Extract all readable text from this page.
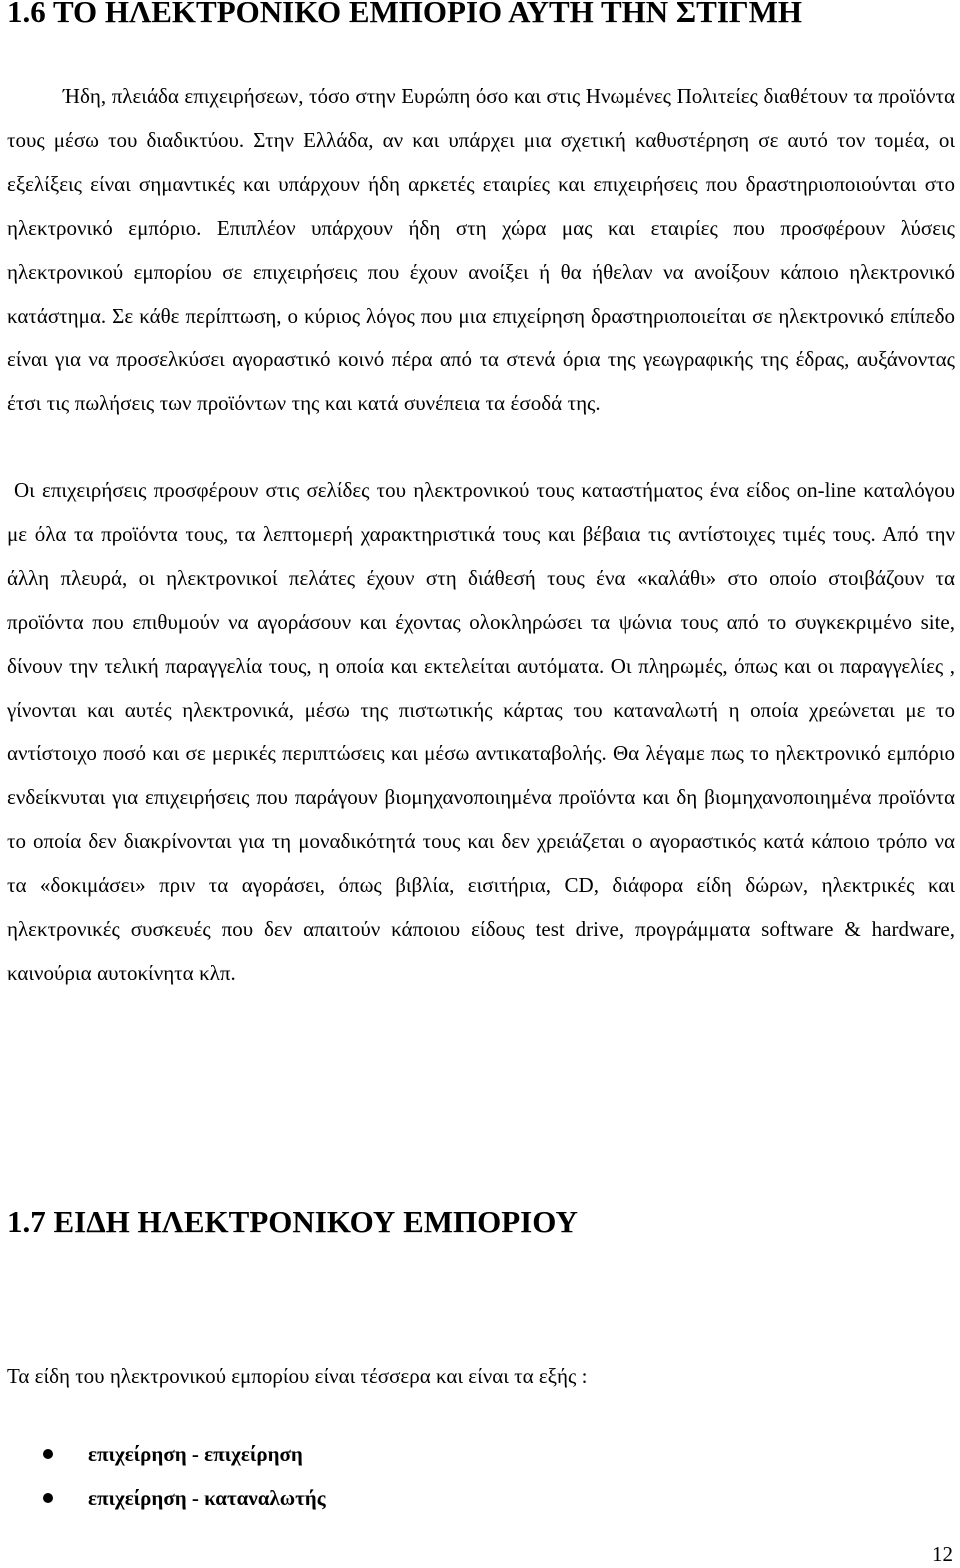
1.6 ΤΟ ΗΛΕΚΤΡΟΝΙΚΟ ΕΜΠΟΡΙΟ ΑΥΤΗ ΤΗΝ ΣΤΙΓΜΗ

Ήδη, πλειάδα επιχειρήσεων, τόσο στην Ευρώπη όσο και στις Ηνωμένες Πολιτείες διαθέτουν τα προϊόντα τους μέσω του διαδικτύου. Στην Ελλάδα, αν και υπάρχει μια σχετική καθυστέρηση σε αυτό τον τομέα, οι εξελίξεις είναι σημαντικές και υπάρχουν ήδη αρκετές εταιρίες και επιχειρήσεις που δραστηριοποιούνται στο ηλεκτρονικό εμπόριο. Επιπλέον υπάρχουν ήδη στη χώρα μας και εταιρίες που προσφέρουν λύσεις ηλεκτρονικού εμπορίου σε επιχειρήσεις που έχουν ανοίξει ή θα ήθελαν να ανοίξουν κάποιο ηλεκτρονικό κατάστημα. Σε κάθε περίπτωση, ο κύριος λόγος που μια επιχείρηση δραστηριοποιείται σε ηλεκτρονικό επίπεδο είναι για να προσελκύσει αγοραστικό κοινό πέρα από τα στενά όρια της γεωγραφικής της έδρας, αυξάνοντας έτσι τις πωλήσεις των προϊόντων της και κατά συνέπεια τα έσοδά της.

Οι επιχειρήσεις προσφέρουν στις σελίδες του ηλεκτρονικού τους καταστήματος ένα είδος on-line καταλόγου με όλα τα προϊόντα τους, τα λεπτομερή χαρακτηριστικά τους και βέβαια τις αντίστοιχες τιμές τους. Από την άλλη πλευρά, οι ηλεκτρονικοί πελάτες έχουν στη διάθεσή τους ένα «καλάθι» στο οποίο στοιβάζουν τα προϊόντα που επιθυμούν να αγοράσουν και έχοντας ολοκληρώσει τα ψώνια τους από το συγκεκριμένο site, δίνουν την τελική παραγγελία τους, η οποία και εκτελείται αυτόματα. Οι πληρωμές, όπως και οι παραγγελίες , γίνονται και αυτές ηλεκτρονικά, μέσω της πιστωτικής κάρτας του καταναλωτή η οποία χρεώνεται με το αντίστοιχο ποσό και σε μερικές περιπτώσεις και μέσω αντικαταβολής. Θα λέγαμε πως το ηλεκτρονικό εμπόριο ενδείκνυται για επιχειρήσεις που παράγουν βιομηχανοποιημένα προϊόντα και δη βιομηχανοποιημένα προϊόντα το οποία δεν διακρίνονται για τη μοναδικότητά τους και δεν χρειάζεται ο αγοραστικός κατά κάποιο τρόπο να τα «δοκιμάσει» πριν τα αγοράσει, όπως βιβλία, εισιτήρια, CD, διάφορα είδη δώρων, ηλεκτρικές και ηλεκτρονικές συσκευές που δεν απαιτούν κάποιου είδους test drive, προγράμματα software & hardware, καινούρια αυτοκίνητα κλπ.

1.7 ΕΙΔΗ ΗΛΕΚΤΡΟΝΙΚΟΥ ΕΜΠΟΡΙΟΥ

Τα είδη του ηλεκτρονικού εμπορίου είναι τέσσερα και είναι τα εξής :

επιχείρηση - επιχείρηση
επιχείρηση - καταναλωτής
12
